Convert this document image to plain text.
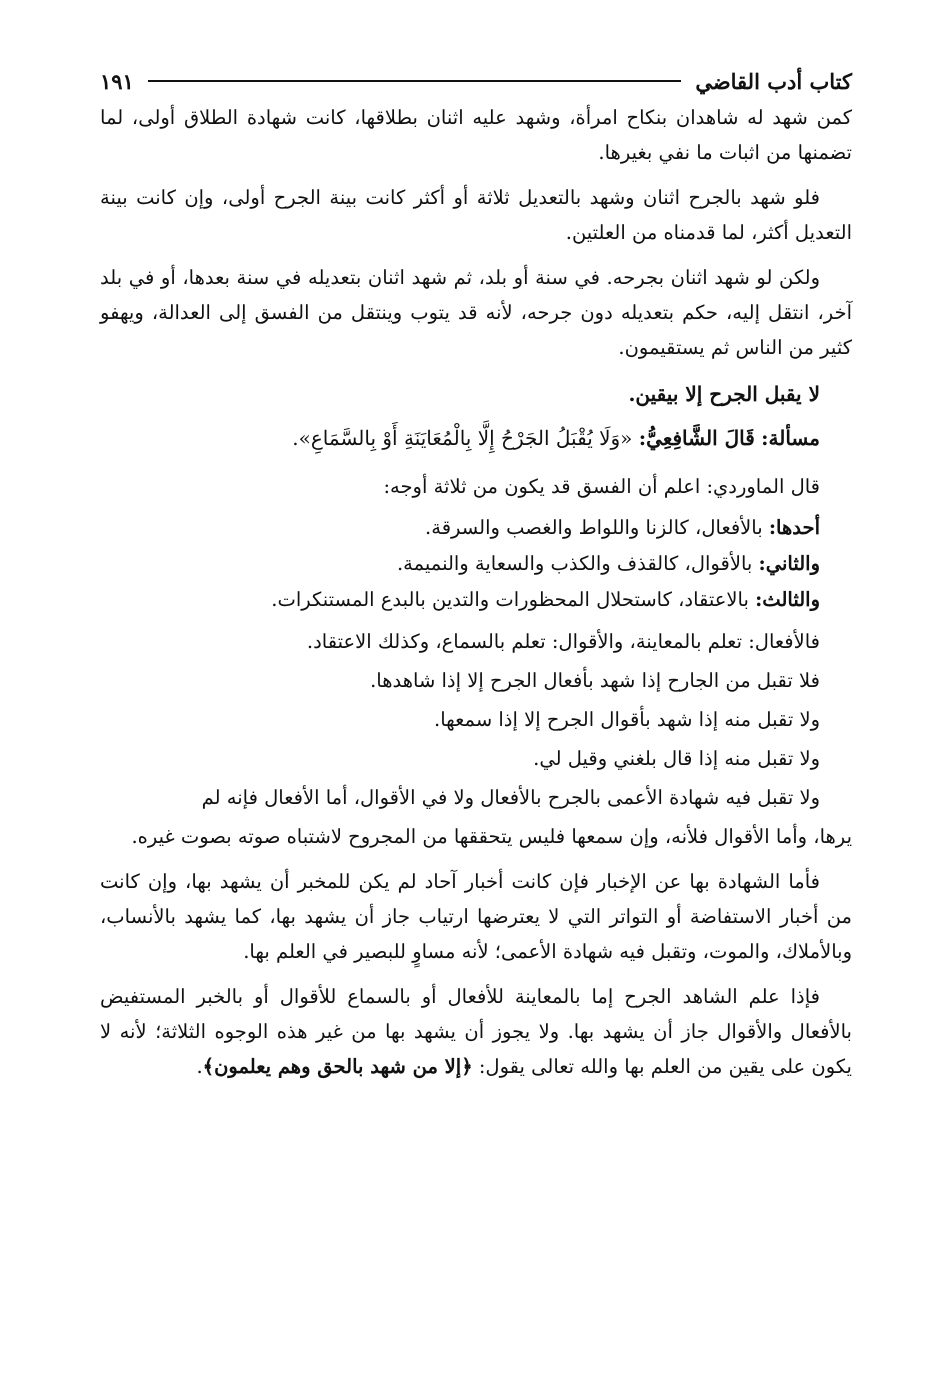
كتاب أدب القاضي
١٩١

كمن شهد له شاهدان بنكاح امرأة، وشهد عليه اثنان بطلاقها، كانت شهادة الطلاق أولى، لما تضمنها من اثبات ما نفي بغيرها.

فلو شهد بالجرح اثنان وشهد بالتعديل ثلاثة أو أكثر كانت بينة الجرح أولى، وإن كانت بينة التعديل أكثر، لما قدمناه من العلتين.

ولكن لو شهد اثنان بجرحه. في سنة أو بلد، ثم شهد اثنان بتعديله في سنة بعدها، أو في بلد آخر، انتقل إليه، حكم بتعديله دون جرحه، لأنه قد يتوب وينتقل من الفسق إلى العدالة، ويهفو كثير من الناس ثم يستقيمون.

لا يقبل الجرح إلا بيقين.

مسألة: قَالَ الشَّافِعِيُّ: «وَلَا يُقْبَلُ الجَرْحُ إِلَّا بِالْمُعَايَنَةِ أَوْ بِالسَّمَاعِ».

قال الماوردي: اعلم أن الفسق قد يكون من ثلاثة أوجه:

أحدها: بالأفعال، كالزنا واللواط والغصب والسرقة.

والثاني: بالأقوال، كالقذف والكذب والسعاية والنميمة.

والثالث: بالاعتقاد، كاستحلال المحظورات والتدين بالبدع المستنكرات.

فالأفعال: تعلم بالمعاينة، والأقوال: تعلم بالسماع، وكذلك الاعتقاد.

فلا تقبل من الجارح إذا شهد بأفعال الجرح إلا إذا شاهدها.

ولا تقبل منه إذا شهد بأقوال الجرح إلا إذا سمعها.

ولا تقبل منه إذا قال بلغني وقيل لي.

ولا تقبل فيه شهادة الأعمى بالجرح بالأفعال ولا في الأقوال، أما الأفعال فإنه لم

يرها، وأما الأقوال فلأنه، وإن سمعها فليس يتحققها من المجروح لاشتباه صوته بصوت غيره.

فأما الشهادة بها عن الإخبار فإن كانت أخبار آحاد لم يكن للمخبر أن يشهد بها، وإن كانت من أخبار الاستفاضة أو التواتر التي لا يعترضها ارتياب جاز أن يشهد بها، كما يشهد بالأنساب، وبالأملاك، والموت، وتقبل فيه شهادة الأعمى؛ لأنه مساوٍ للبصير في العلم بها.

فإذا علم الشاهد الجرح إما بالمعاينة للأفعال أو بالسماع للأقوال أو بالخبر المستفيض بالأفعال والأقوال جاز أن يشهد بها. ولا يجوز أن يشهد بها من غير هذه الوجوه الثلاثة؛ لأنه لا يكون على يقين من العلم بها والله تعالى يقول: ﴿إلا من شهد بالحق وهم يعلمون﴾.
